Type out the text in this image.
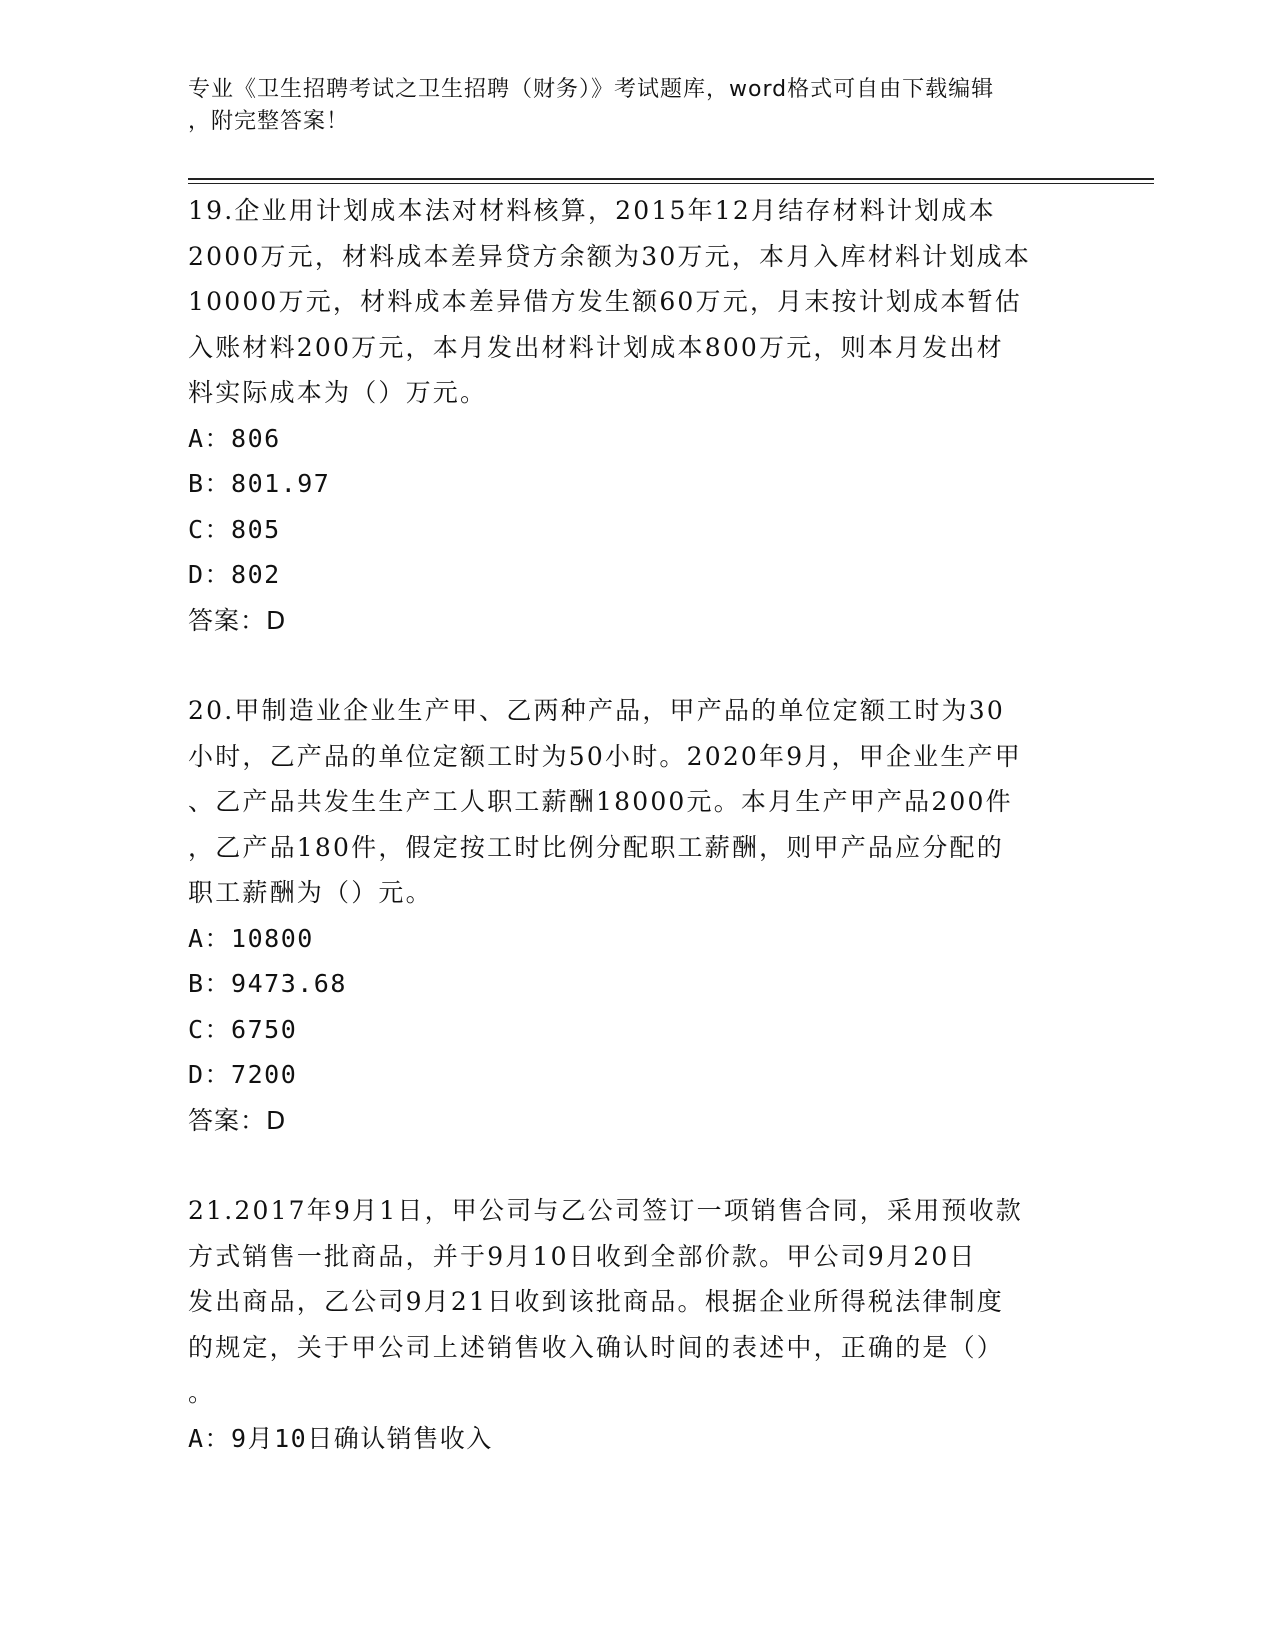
专业《卫生招聘考试之卫生招聘（财务）》考试题库，word格式可自由下载编辑
，附完整答案！

19.企业用计划成本法对材料核算，2015年12月结存材料计划成本

2000万元，材料成本差异贷方余额为30万元，本月入库材料计划成本

10000万元，材料成本差异借方发生额60万元，月末按计划成本暂估

入账材料200万元，本月发出材料计划成本800万元，则本月发出材

料实际成本为（）万元。

A：806

B：801.97

C：805

D：802

答案：D

20.甲制造业企业生产甲、乙两种产品，甲产品的单位定额工时为30

小时，乙产品的单位定额工时为50小时。2020年9月，甲企业生产甲

、乙产品共发生生产工人职工薪酬18000元。本月生产甲产品200件

，乙产品180件，假定按工时比例分配职工薪酬，则甲产品应分配的

职工薪酬为（）元。

A：10800

B：9473.68

C：6750

D：7200

答案：D

21.2017年9月1日，甲公司与乙公司签订一项销售合同，采用预收款

方式销售一批商品，并于9月10日收到全部价款。甲公司9月20日

发出商品，乙公司9月21日收到该批商品。根据企业所得税法律制度

的规定，关于甲公司上述销售收入确认时间的表述中，正确的是（）

。

A：9月10日确认销售收入
